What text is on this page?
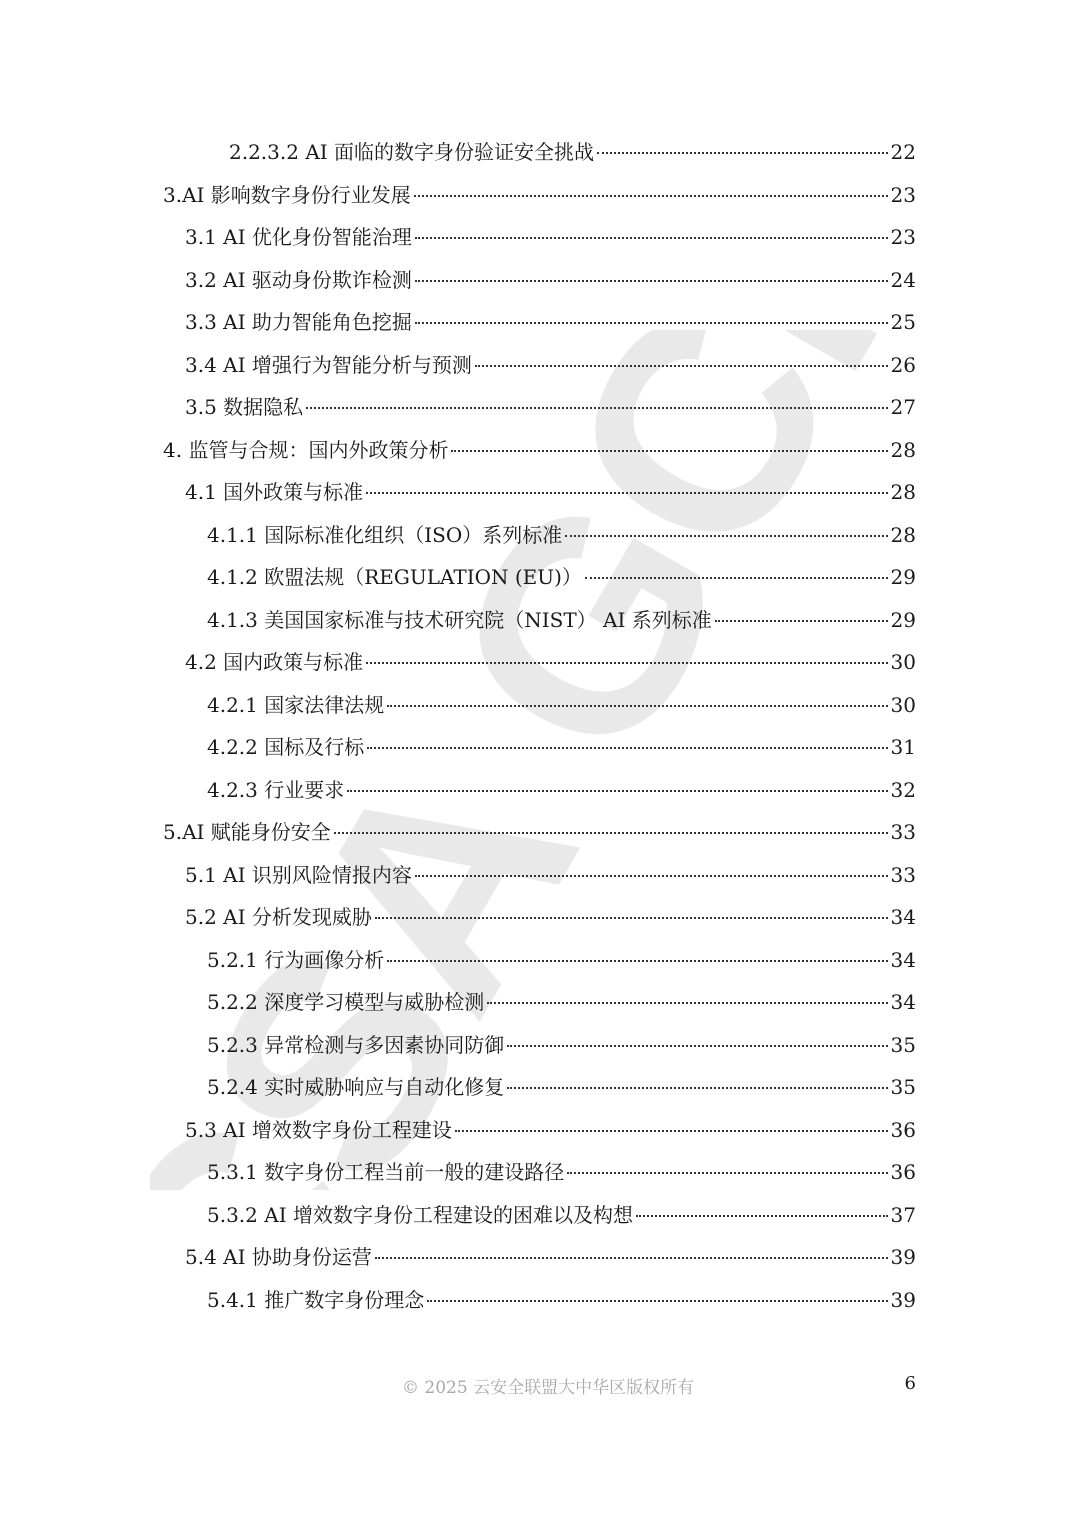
CSA GCR
2.2.3.2 AI 面临的数字身份验证安全挑战	22
3.AI 影响数字身份行业发展	23
3.1 AI 优化身份智能治理	23
3.2 AI 驱动身份欺诈检测	24
3.3 AI 助力智能角色挖掘	25
3.4 AI 增强行为智能分析与预测	26
3.5 数据隐私	27
4. 监管与合规：国内外政策分析	28
4.1 国外政策与标准	28
4.1.1 国际标准化组织（ISO）系列标准	28
4.1.2 欧盟法规（REGULATION (EU)）	29
4.1.3 美国国家标准与技术研究院（NIST） AI 系列标准	29
4.2 国内政策与标准	30
4.2.1 国家法律法规	30
4.2.2 国标及行标	31
4.2.3 行业要求	32
5.AI 赋能身份安全	33
5.1 AI 识别风险情报内容	33
5.2 AI 分析发现威胁	34
5.2.1 行为画像分析	34
5.2.2 深度学习模型与威胁检测	34
5.2.3 异常检测与多因素协同防御	35
5.2.4 实时威胁响应与自动化修复	35
5.3 AI 增效数字身份工程建设	36
5.3.1 数字身份工程当前一般的建设路径	36
5.3.2 AI 增效数字身份工程建设的困难以及构想	37
5.4 AI 协助身份运营	39
5.4.1 推广数字身份理念	39
© 2025 云安全联盟大中华区版权所有	6
